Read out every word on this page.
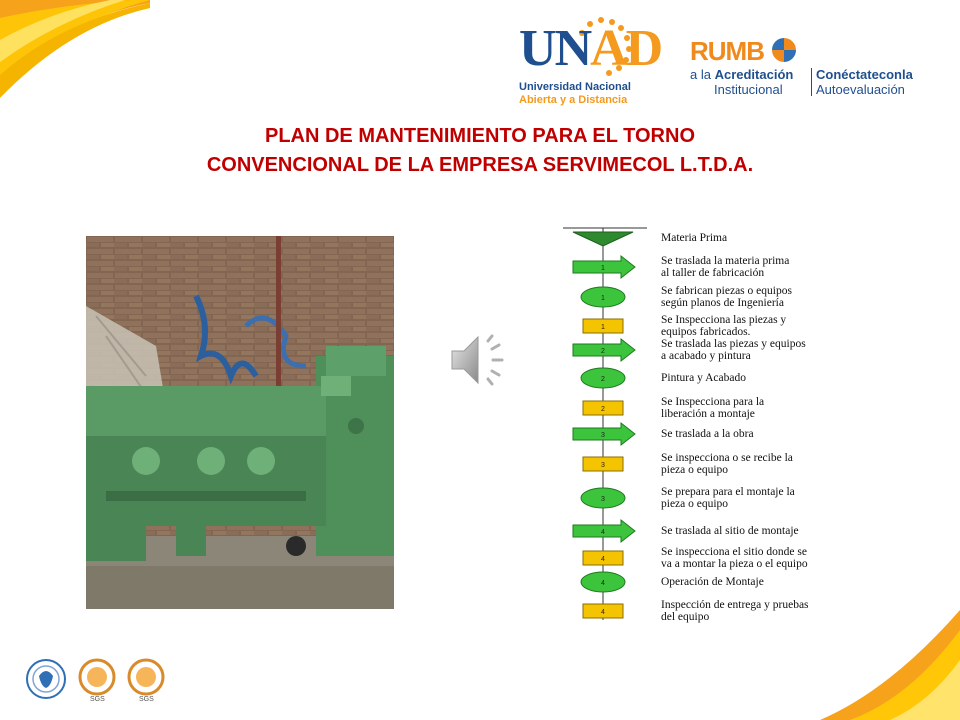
UNAD
Universidad Nacional
Abierta y a Distancia
RUMB
a la Acreditación
Institucional
Conéctateconla
Autoevaluación
PLAN DE MANTENIMIENTO PARA EL TORNO
CONVENCIONAL DE LA EMPRESA SERVIMECOL L.T.D.A.
1
1
1
2
2
2
3
3
3
4
4
4
4
Materia Prima
Se traslada la materia prima
al taller de fabricación
Se fabrican piezas o equipos
según planos de Ingeniería
Se Inspecciona las piezas y
equipos fabricados.
Se traslada las piezas y equipos
a acabado y pintura
Pintura y Acabado
Se Inspecciona para la
liberación a montaje
Se traslada a la obra
Se inspecciona o se recibe la
pieza o equipo
Se prepara para el montaje la
pieza o equipo
Se traslada al sitio de montaje
Se inspecciona el sitio donde se
va a montar la pieza o el equipo
Operación de Montaje
Inspección de entrega y pruebas
del equipo
SGS	SGS
